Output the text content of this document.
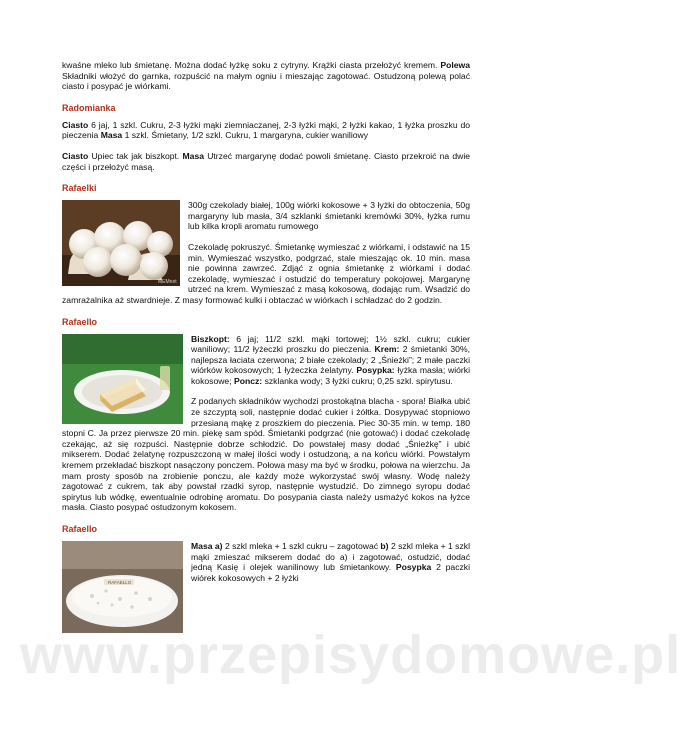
kwaśne mleko lub śmietanę. Można dodać łyżkę soku z cytryny. Krążki ciasta przełożyć kremem. Polewa Składniki włożyć do garnka, rozpuścić na małym ogniu i mieszając zagotować. Ostudzoną polewą polać ciasto i posypać je wiórkami.

Radomianka

Ciasto 6 jaj, 1 szkl. Cukru, 2-3 łyżki mąki ziemniaczanej, 2-3 łyżki mąki, 2 łyżki kakao, 1 łyżka proszku do pieczenia Masa 1 szkl. Śmietany, 1/2 szkl. Cukru, 1 margaryna, cukier waniliowy

Ciasto Upiec tak jak biszkopt. Masa Utrzeć margarynę dodać powoli śmietanę. Ciasto przekroić na dwie części i przełożyć masą.

Rafaelki
MEMnet

300g czekolady białej, 100g wiórki kokosowe + 3 łyżki do obtoczenia, 50g margaryny lub masła, 3/4 szklanki śmietanki kremówki 30%, łyżka rumu lub kilka kropli aromatu rumowego

Czekoladę pokruszyć. Śmietankę wymieszać z wiórkami, i odstawić na 15 min. Wymieszać wszystko, podgrzać, stale mieszając ok. 10 min. masa nie powinna zawrzeć. Zdjąć z ognia śmietankę z wiórkami i dodać czekoladę, wymieszać i ostudzić do temperatury pokojowej. Margarynę utrzeć na krem. Wymieszać z masą kokosową, dodając rum. Wsadzić do zamrażalnika aż stwardnieje. Z masy formować kulki i obtaczać w wiórkach i schładzać do 2 godzin.

Rafaello

Biszkopt: 6 jaj; 11/2 szkl. mąki tortowej; 1½ szkl. cukru; cukier waniliowy; 11/2 łyżeczki proszku do pieczenia. Krem: 2 śmietanki 30%, najlepsza łaciata czerwona; 2 białe czekolady; 2 „Śnieżki”; 2 małe paczki wiórków kokosowych; 1 łyżeczka żelatyny. Posypka: łyżka masła; wiórki kokosowe; Poncz: szklanka wody; 3 łyżki cukru; 0,25 szkl. spirytusu.

Z podanych składników wychodzi prostokątna blacha - spora! Białka ubić ze szczyptą soli, następnie dodać cukier i żółtka. Dosypywać stopniowo przesianą mąkę z proszkiem do pieczenia. Piec 30-35 min. w temp. 180 stopni C. Ja przez pierwsze 20 min. piekę sam spód. Śmietanki podgrzać (nie gotować) i dodać czekoladę czekając, aż się rozpuści. Następnie dobrze schłodzić. Do powstałej masy dodać „Śnieżkę” i ubić mikserem. Dodać żelatynę rozpuszczoną w małej ilości wody i ostudzoną, a na końcu wiórki. Powstałym kremem przekładać biszkopt nasączony ponczem. Połowa masy ma być w środku, połowa na wierzchu. Ja mam prosty sposób na zrobienie ponczu, ale każdy może wykorzystać swój własny. Wodę należy zagotować z cukrem, tak aby powstał rzadki syrop, następnie wystudzić. Do zimnego syropu dodać spirytus lub wódkę, ewentualnie odrobinę aromatu. Do posypania ciasta należy usmażyć kokos na łyżce masła. Ciasto posypać ostudzonym kokosem.

Rafaello
RAFAELLO

Masa a) 2 szkl mleka + 1 szkl cukru – zagotować b) 2 szkl mleka + 1 szkl mąki zmieszać mikserem dodać do a) i zagotować, ostudzić, dodać jedną Kasię i olejek wanilinowy lub śmietankowy. Posypka 2 paczki wiórek kokosowych + 2 łyżki

www.przepisydomowe.pl
